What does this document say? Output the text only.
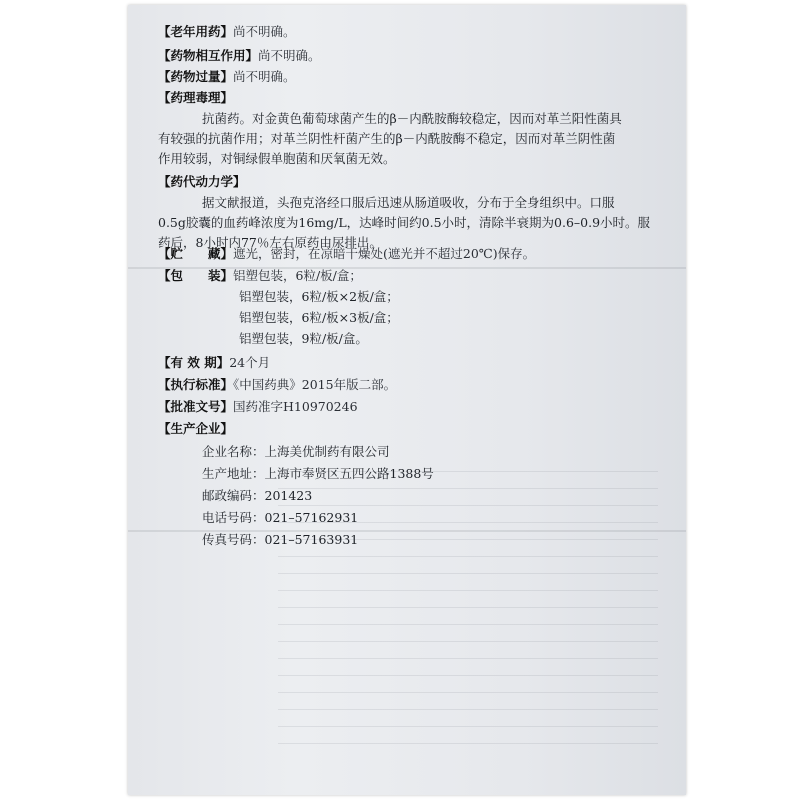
【老年用药】尚不明确。
【药物相互作用】尚不明确。
【药物过量】尚不明确。
【药理毒理】

抗菌药。对金黄色葡萄球菌产生的β－内酰胺酶较稳定，因而对革兰阳性菌具

有较强的抗菌作用；对革兰阴性杆菌产生的β－内酰胺酶不稳定，因而对革兰阴性菌

作用较弱，对铜绿假单胞菌和厌氧菌无效。

【药代动力学】

据文献报道，头孢克洛经口服后迅速从肠道吸收，分布于全身组织中。口服

0.5g胶囊的血药峰浓度为16mg/L，达峰时间约0.5小时，清除半衰期为0.6–0.9小时。服

药后，8小时内77％左右原药由尿排出。

【贮　　藏】遮光，密封，在凉暗干燥处(遮光并不超过20℃)保存。
【包　　装】铝塑包装，6粒/板/盒；
铝塑包装，6粒/板×2板/盒；
铝塑包装，6粒/板×3板/盒；
铝塑包装，9粒/板/盒。
【有 效 期】24个月
【执行标准】《中国药典》2015年版二部。
【批准文号】国药准字H10970246
【生产企业】
企业名称：上海美优制药有限公司
生产地址：上海市奉贤区五四公路1388号
邮政编码：201423
电话号码：021–57162931
传真号码：021–57163931
